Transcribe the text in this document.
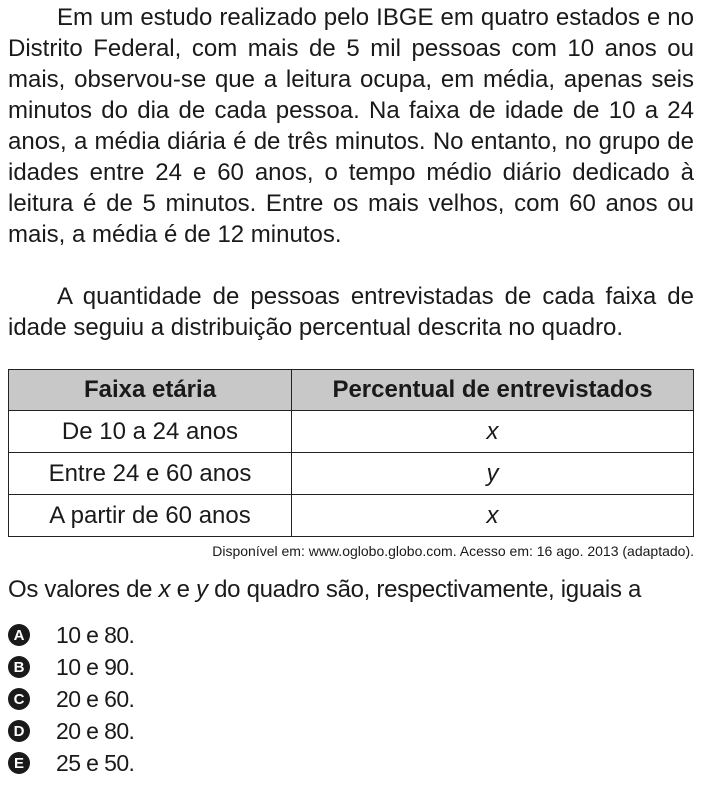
Em um estudo realizado pelo IBGE em quatro estados e no Distrito Federal, com mais de 5 mil pessoas com 10 anos ou mais, observou-se que a leitura ocupa, em média, apenas seis minutos do dia de cada pessoa. Na faixa de idade de 10 a 24 anos, a média diária é de três minutos. No entanto, no grupo de idades entre 24 e 60 anos, o tempo médio diário dedicado à leitura é de 5 minutos. Entre os mais velhos, com 60 anos ou mais, a média é de 12 minutos.

A quantidade de pessoas entrevistadas de cada faixa de idade seguiu a distribuição percentual descrita no quadro.

Faixa etária	Percentual de entrevistados
De 10 a 24 anos	x
Entre 24 e 60 anos	y
A partir de 60 anos	x

Disponível em: www.oglobo.globo.com. Acesso em: 16 ago. 2013 (adaptado).

Os valores de x e y do quadro são, respectivamente, iguais a

A 10 e 80.
B 10 e 90.
C 20 e 60.
D 20 e 80.
E 25 e 50.
